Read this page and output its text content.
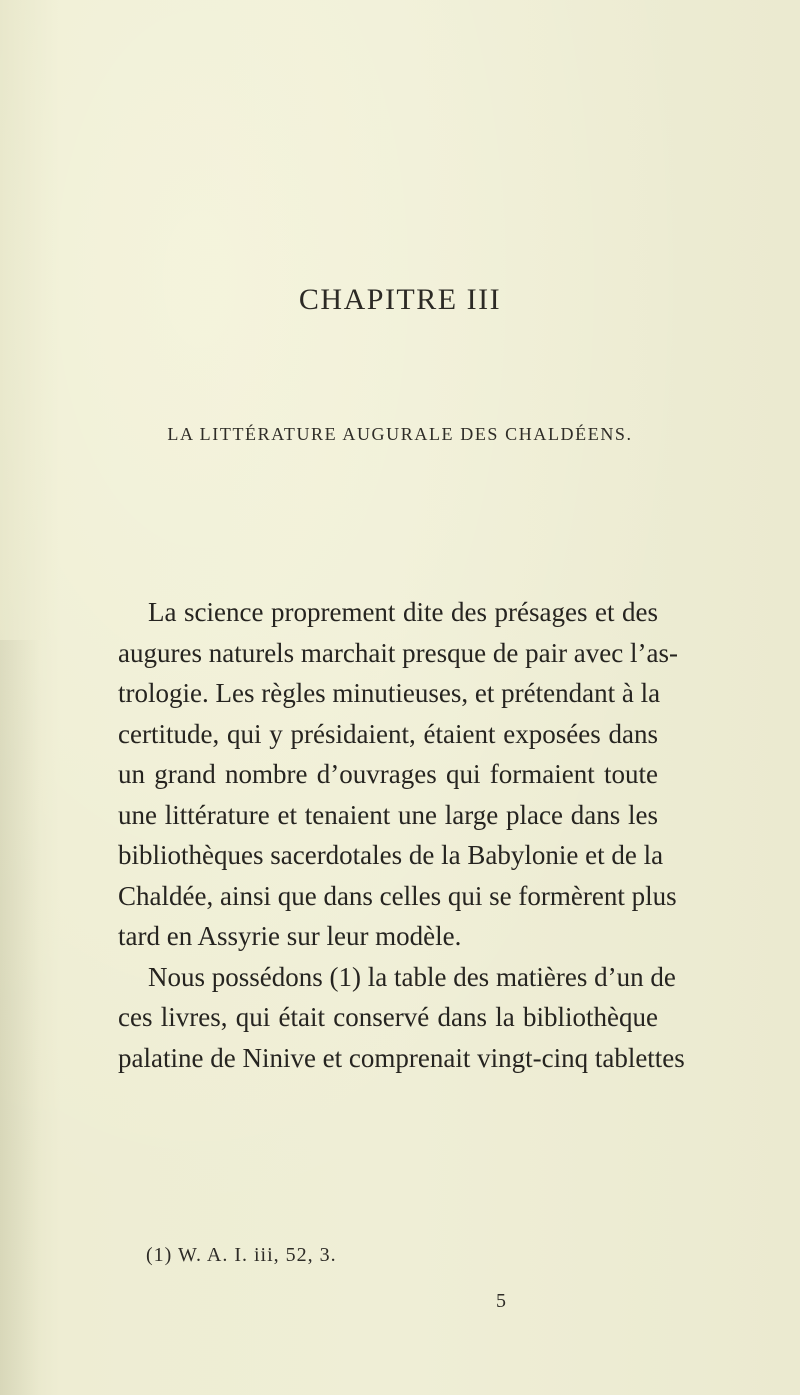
CHAPITRE III
LA LITTÉRATURE AUGURALE DES CHALDÉENS.
La science proprement dite des présages et des
augures naturels marchait presque de pair avec l’as-
trologie. Les règles minutieuses, et prétendant à la
certitude, qui y présidaient, étaient exposées dans
un grand nombre d’ouvrages qui formaient toute
une littérature et tenaient une large place dans les
bibliothèques sacerdotales de la Babylonie et de la
Chaldée, ainsi que dans celles qui se formèrent plus
tard en Assyrie sur leur modèle.
Nous possédons (1) la table des matières d’un de
ces livres, qui était conservé dans la bibliothèque
palatine de Ninive et comprenait vingt-cinq tablettes
(1) W. A. I. iii, 52, 3.
5
